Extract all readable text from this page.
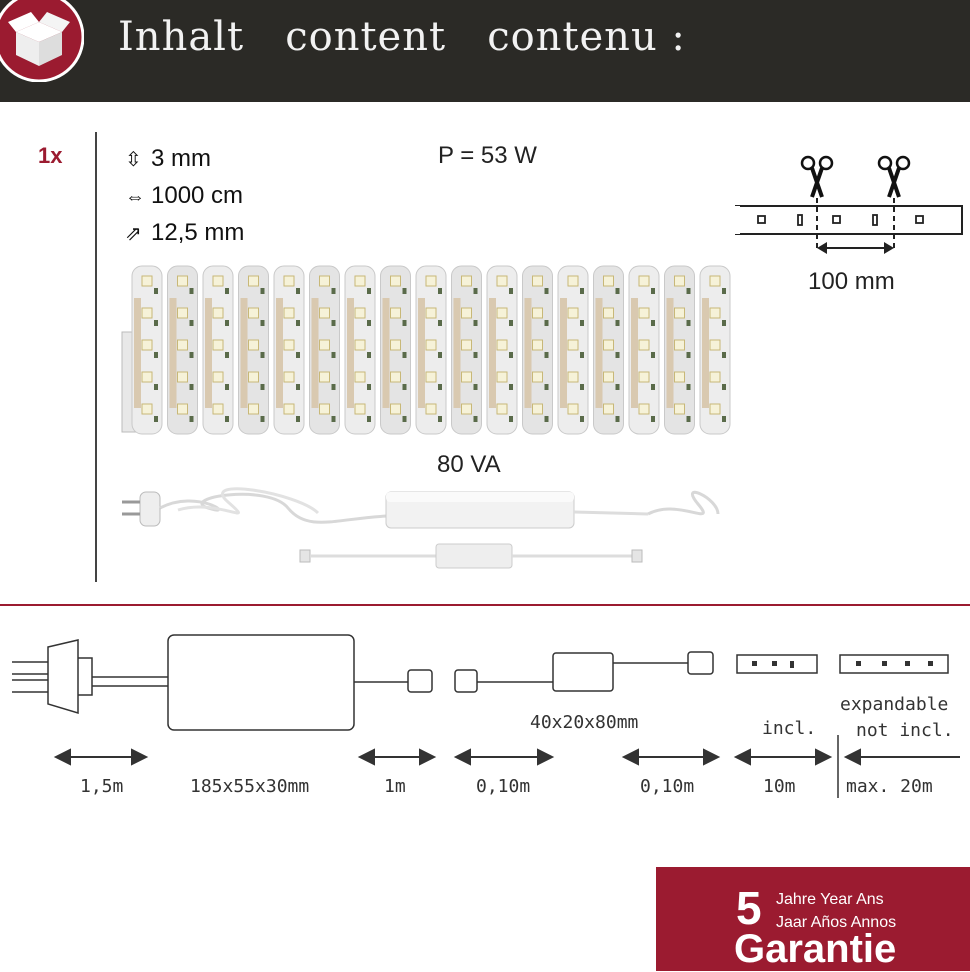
Inhalt content contenu :
1x	⇳ 3 mm
⇔ 1000 cm
⇗ 12,5 mm
P = 53 W
100 mm
80 VA
1,5m	185x55x30mm	1m	0,10m
40x20x80mm
0,10m
incl.
10m
expandable
not incl.
max. 20m
5 Jahre Year Ans
Jaar Años Annos
Garantie
